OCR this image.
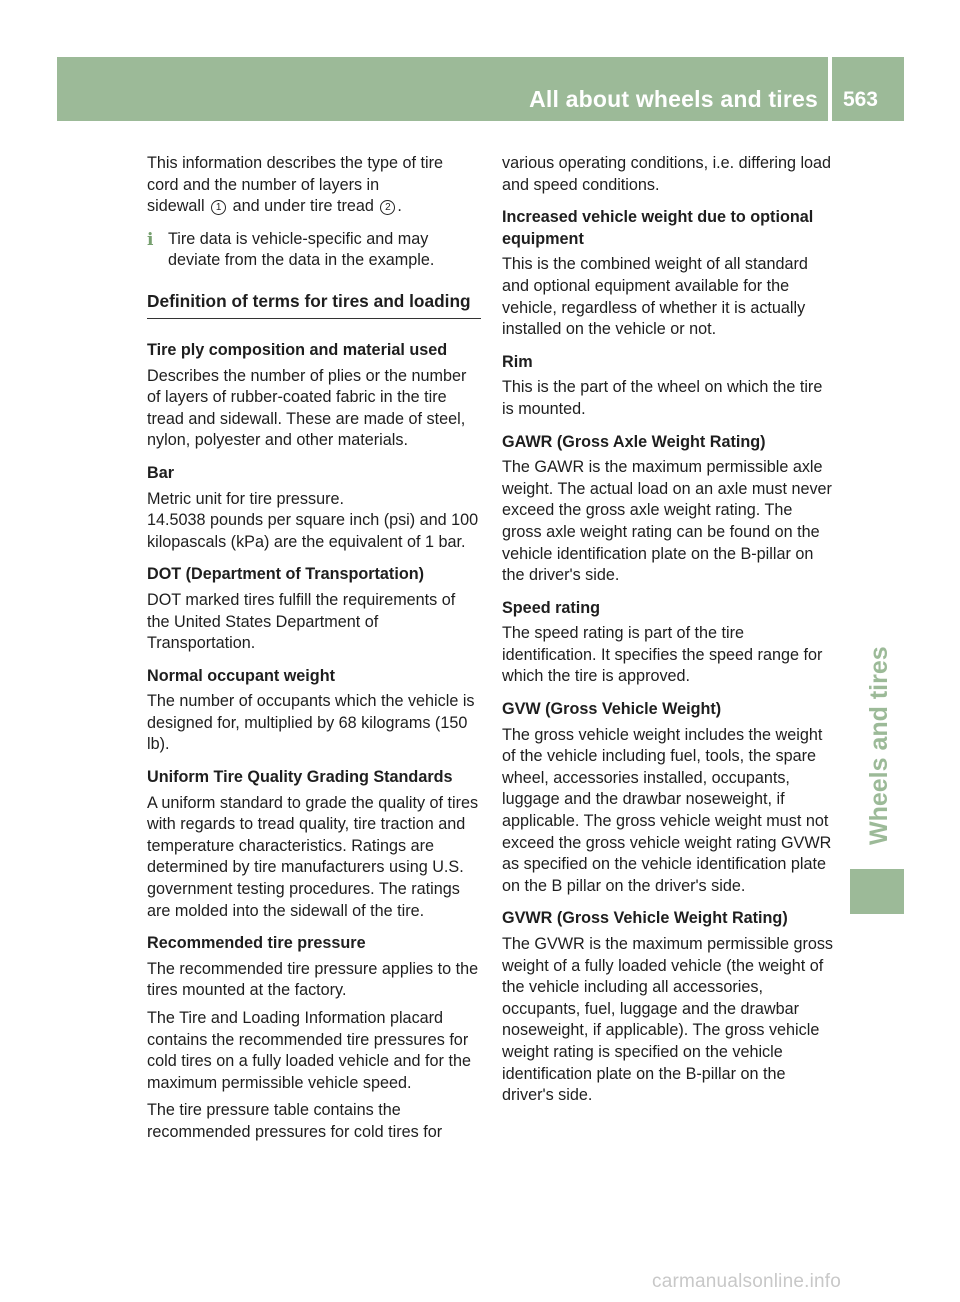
All about wheels and tires 563
Wheels and tires

This information describes the type of tire
cord and the number of layers in
sidewall 1 and under tire tread 2 .

i Tire data is vehicle-specific and may deviate from the data in the example.
Definition of terms for tires and loading

Tire ply composition and material used

Describes the number of plies or the number of layers of rubber-coated fabric in the tire tread and sidewall. These are made of steel, nylon, polyester and other materials.

Bar

Metric unit for tire pressure.
14.5038 pounds per square inch (psi) and 100 kilopascals (kPa) are the equivalent of 1 bar.

DOT (Department of Transportation)

DOT marked tires fulfill the requirements of the United States Department of Transportation.

Normal occupant weight

The number of occupants which the vehicle is designed for, multiplied by 68 kilograms (150 lb).

Uniform Tire Quality Grading Standards

A uniform standard to grade the quality of tires with regards to tread quality, tire traction and temperature characteristics. Ratings are determined by tire manufacturers using U.S. government testing procedures. The ratings are molded into the sidewall of the tire.

Recommended tire pressure

The recommended tire pressure applies to the tires mounted at the factory.

The Tire and Loading Information placard contains the recommended tire pressures for cold tires on a fully loaded vehicle and for the maximum permissible vehicle speed.

The tire pressure table contains the recommended pressures for cold tires for

various operating conditions, i.e. differing load and speed conditions.

Increased vehicle weight due to optional equipment

This is the combined weight of all standard and optional equipment available for the vehicle, regardless of whether it is actually installed on the vehicle or not.

Rim

This is the part of the wheel on which the tire is mounted.

GAWR (Gross Axle Weight Rating)

The GAWR is the maximum permissible axle weight. The actual load on an axle must never exceed the gross axle weight rating. The gross axle weight rating can be found on the vehicle identification plate on the B-pillar on the driver's side.

Speed rating

The speed rating is part of the tire identification. It specifies the speed range for which the tire is approved.

GVW (Gross Vehicle Weight)

The gross vehicle weight includes the weight of the vehicle including fuel, tools, the spare wheel, accessories installed, occupants, luggage and the drawbar noseweight, if applicable. The gross vehicle weight must not exceed the gross vehicle weight rating GVWR as specified on the vehicle identification plate on the B pillar on the driver's side.

GVWR (Gross Vehicle Weight Rating)

The GVWR is the maximum permissible gross weight of a fully loaded vehicle (the weight of the vehicle including all accessories, occupants, fuel, luggage and the drawbar noseweight, if applicable). The gross vehicle weight rating is specified on the vehicle identification plate on the B-pillar on the driver's side.

carmanualsonline.info
